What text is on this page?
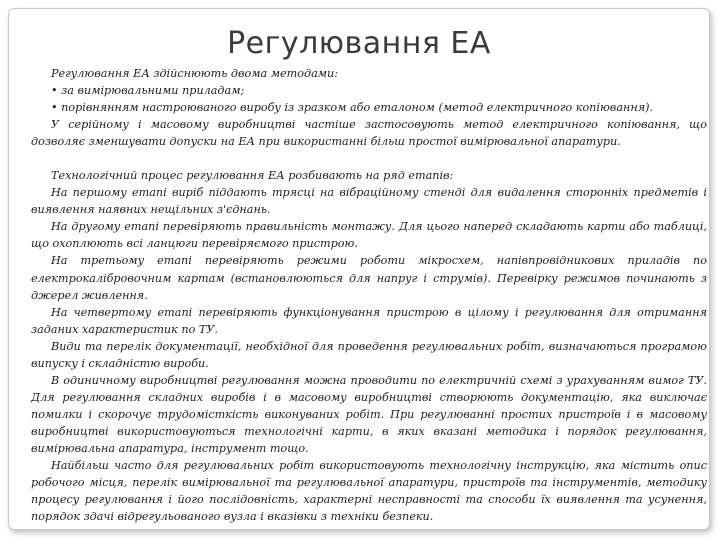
Регулювання ЕА

Регулювання ЕА здійснюють двома методами:

• за вимірювальними приладам;

• порівнянням настроюваного виробу із зразком або еталоном (метод електричного копіювання).

У серійному і масовому виробництві частіше застосовують метод електричного копіювання, що дозволяє зменшувати допуски на ЕА при використанні більш простої вимірювальної апаратури.

Технологічний процес регулювання ЕА розбивають на ряд етапів:

На першому етапі виріб піддають трясці на вібраційному стенді для видалення сторонніх предметів і виявлення наявних нещільних з'єднань.

На другому етапі перевіряють правильність монтажу. Для цього наперед складають карти або таблиці, що охоплюють всі ланцюги перевіряємого пристрою.

На третьому етапі перевіряють режими роботи мікросхем, напівпровідникових приладів по електрокалібровочним картам (встановлюються для напруг і струмів). Перевірку режимов починають з джерел живлення.

На четвертому етапі перевіряють функціонування пристрою в цілому і регулювання для отримання заданих характеристик по ТУ.

Види та перелік документації, необхідної для проведення регулювальних робіт, визначаються програмою випуску і складністю вироби.

В одиничному виробництві регулювання можна проводити по електричній схемі з урахуванням вимог ТУ. Для регулювання складних виробів і в масовому виробництві створюють документацію, яка виключає помилки і скорочує трудомісткість виконуваних робіт. При регулюванні простих пристроїв і в масовому виробництві використовуються технологічні карти, в яких вказані методика і порядок регулювання, вимірювальна апаратура, інструмент тощо.

Найбільш часто для регулювальних робіт використовують технологічну інструкцію, яка містить опис робочого місця, перелік вимірювальної та регулювальної апаратури, пристроїв та інструментів, методику процесу регулювання і його послідовність, характерні несправності та способи їх виявлення та усунення, порядок здачі відрегульованого вузла і вказівки з техніки безпеки.
